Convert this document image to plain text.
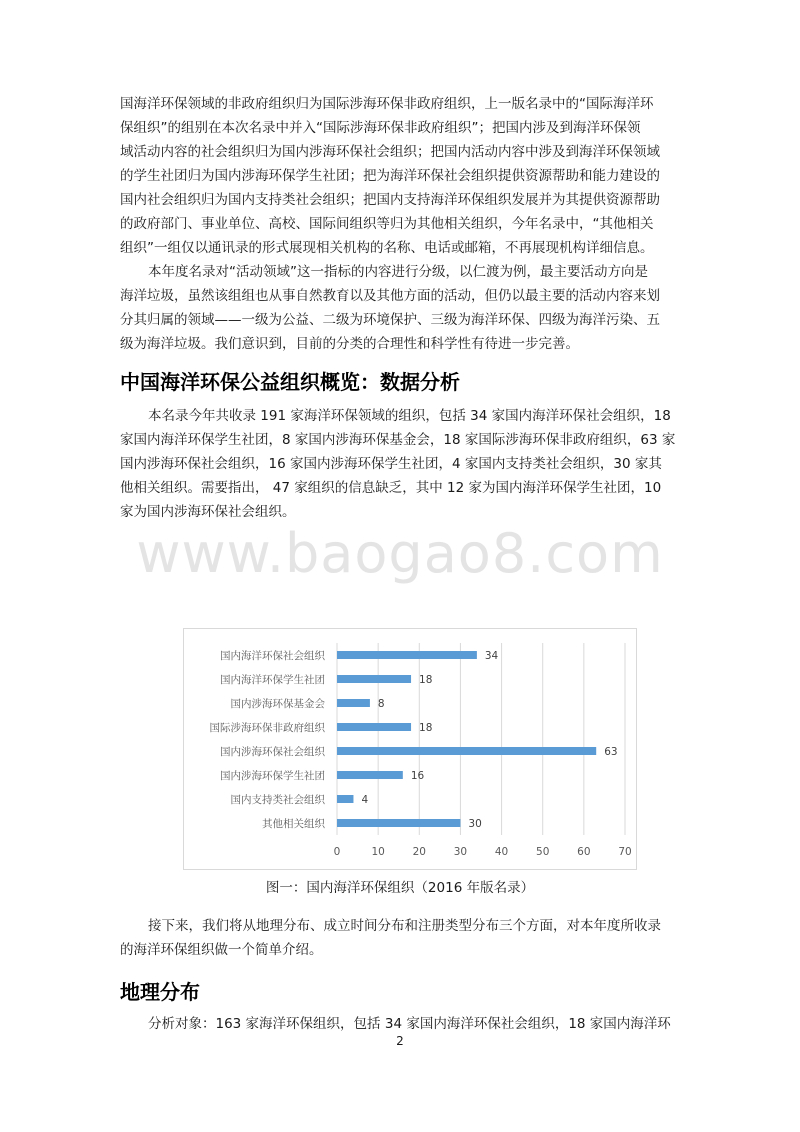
国海洋环保领域的非政府组织归为国际涉海环保非政府组织，上一版名录中的“国际海洋环
保组织”的组别在本次名录中并入“国际涉海环保非政府组织”；把国内涉及到海洋环保领
域活动内容的社会组织归为国内涉海环保社会组织；把国内活动内容中涉及到海洋环保领域
的学生社团归为国内涉海环保学生社团；把为海洋环保社会组织提供资源帮助和能力建设的
国内社会组织归为国内支持类社会组织；把国内支持海洋环保组织发展并为其提供资源帮助
的政府部门、事业单位、高校、国际间组织等归为其他相关组织，今年名录中，“其他相关
组织”一组仅以通讯录的形式展现相关机构的名称、电话或邮箱，不再展现机构详细信息。

本年度名录对“活动领域”这一指标的内容进行分级，以仁渡为例，最主要活动方向是
海洋垃圾，虽然该组组也从事自然教育以及其他方面的活动，但仍以最主要的活动内容来划
分其归属的领域——一级为公益、二级为环境保护、三级为海洋环保、四级为海洋污染、五
级为海洋垃圾。我们意识到，目前的分类的合理性和科学性有待进一步完善。

中国海洋环保公益组织概览：数据分析

本名录今年共收录 191 家海洋环保领域的组织，包括 34 家国内海洋环保社会组织，18
家国内海洋环保学生社团，8 家国内涉海环保基金会，18 家国际涉海环保非政府组织，63 家
国内涉海环保社会组织，16 家国内涉海环保学生社团，4 家国内支持类社会组织，30 家其
他相关组织。需要指出， 47 家组织的信息缺乏，其中 12 家为国内海洋环保学生社团，10
家为国内涉海环保社会组织。

www.baogao8.com
0	10	20	30	40	50	60	70
国内海洋环保社会组织	34
国内海洋环保学生社团	18
国内涉海环保基金会	8
国际涉海环保非政府组织	18
国内涉海环保社会组织	63
国内涉海环保学生社团	16
国内支持类社会组织	4
其他相关组织	30
图一：国内海洋环保组织（2016 年版名录）

接下来，我们将从地理分布、成立时间分布和注册类型分布三个方面，对本年度所收录
的海洋环保组织做一个简单介绍。

地理分布

分析对象：163 家海洋环保组织，包括 34 家国内海洋环保社会组织，18 家国内海洋环

2
